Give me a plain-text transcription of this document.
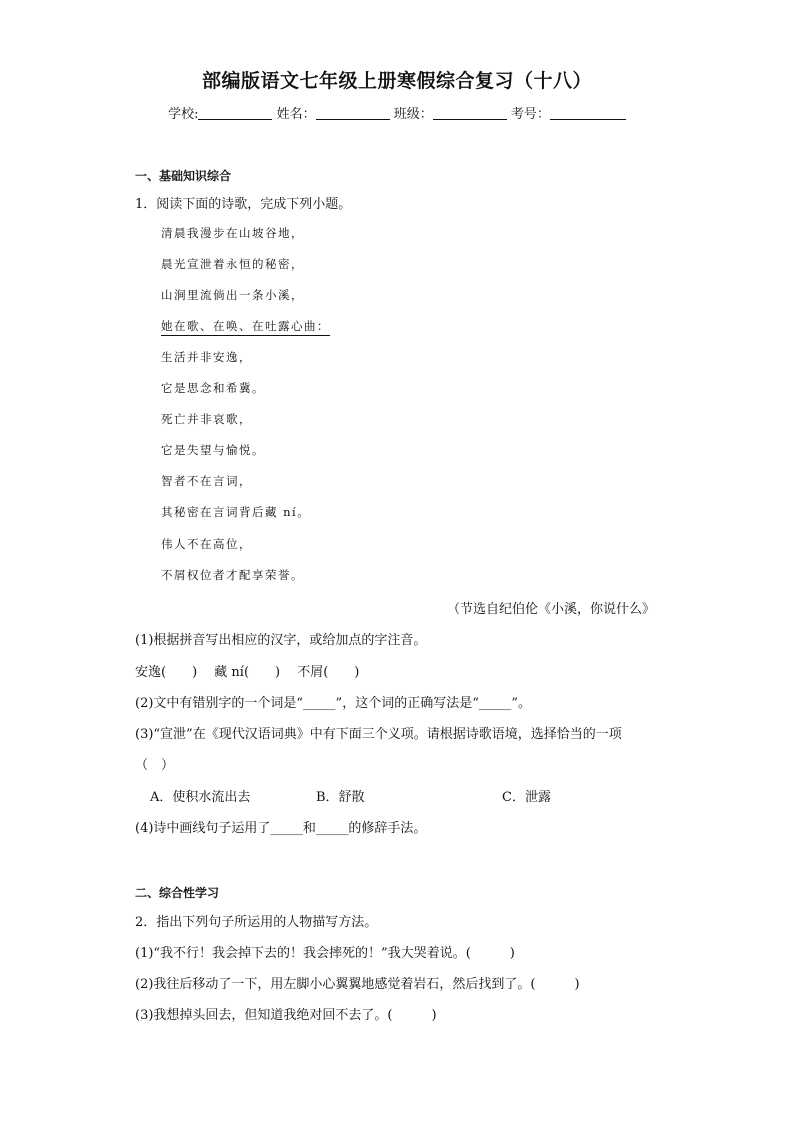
部编版语文七年级上册寒假综合复习（十八）
学校:	姓名：	班级：	考号：
一、基础知识综合
1．阅读下面的诗歌，完成下列小题。
清晨我漫步在山坡谷地，
晨光宣泄着永恒的秘密，
山涧里流倘出一条小溪，
她在歌、在唤、在吐露心曲：
生活并非安逸，
它是思念和希冀。
死亡并非哀歌，
它是失望与愉悦。
智者不在言词，
其秘密在言词背后藏 ní。
伟人不在高位，
不屑权位者才配享荣誉。
（节选自纪伯伦《小溪，你说什么》
(1)根据拼音写出相应的汉字，或给加点的字注音。
安逸(　　)　 藏 ní(　　)　 不屑(　　)
(2)文中有错别字的一个词是“_____”，这个词的正确写法是“_____”。
(3)“宣泄”在《现代汉语词典》中有下面三个义项。请根据诗歌语境，选择恰当的一项
（　）
A．使积水流出去	B．舒散	C．泄露
(4)诗中画线句子运用了_____和_____的修辞手法。
二、综合性学习
2．指出下列句子所运用的人物描写方法。
(1)“我不行！我会掉下去的！我会摔死的！”我大哭着说。(　　　)
(2)我往后移动了一下，用左脚小心翼翼地感觉着岩石，然后找到了。(　　　)
(3)我想掉头回去，但知道我绝对回不去了。(　　　)
